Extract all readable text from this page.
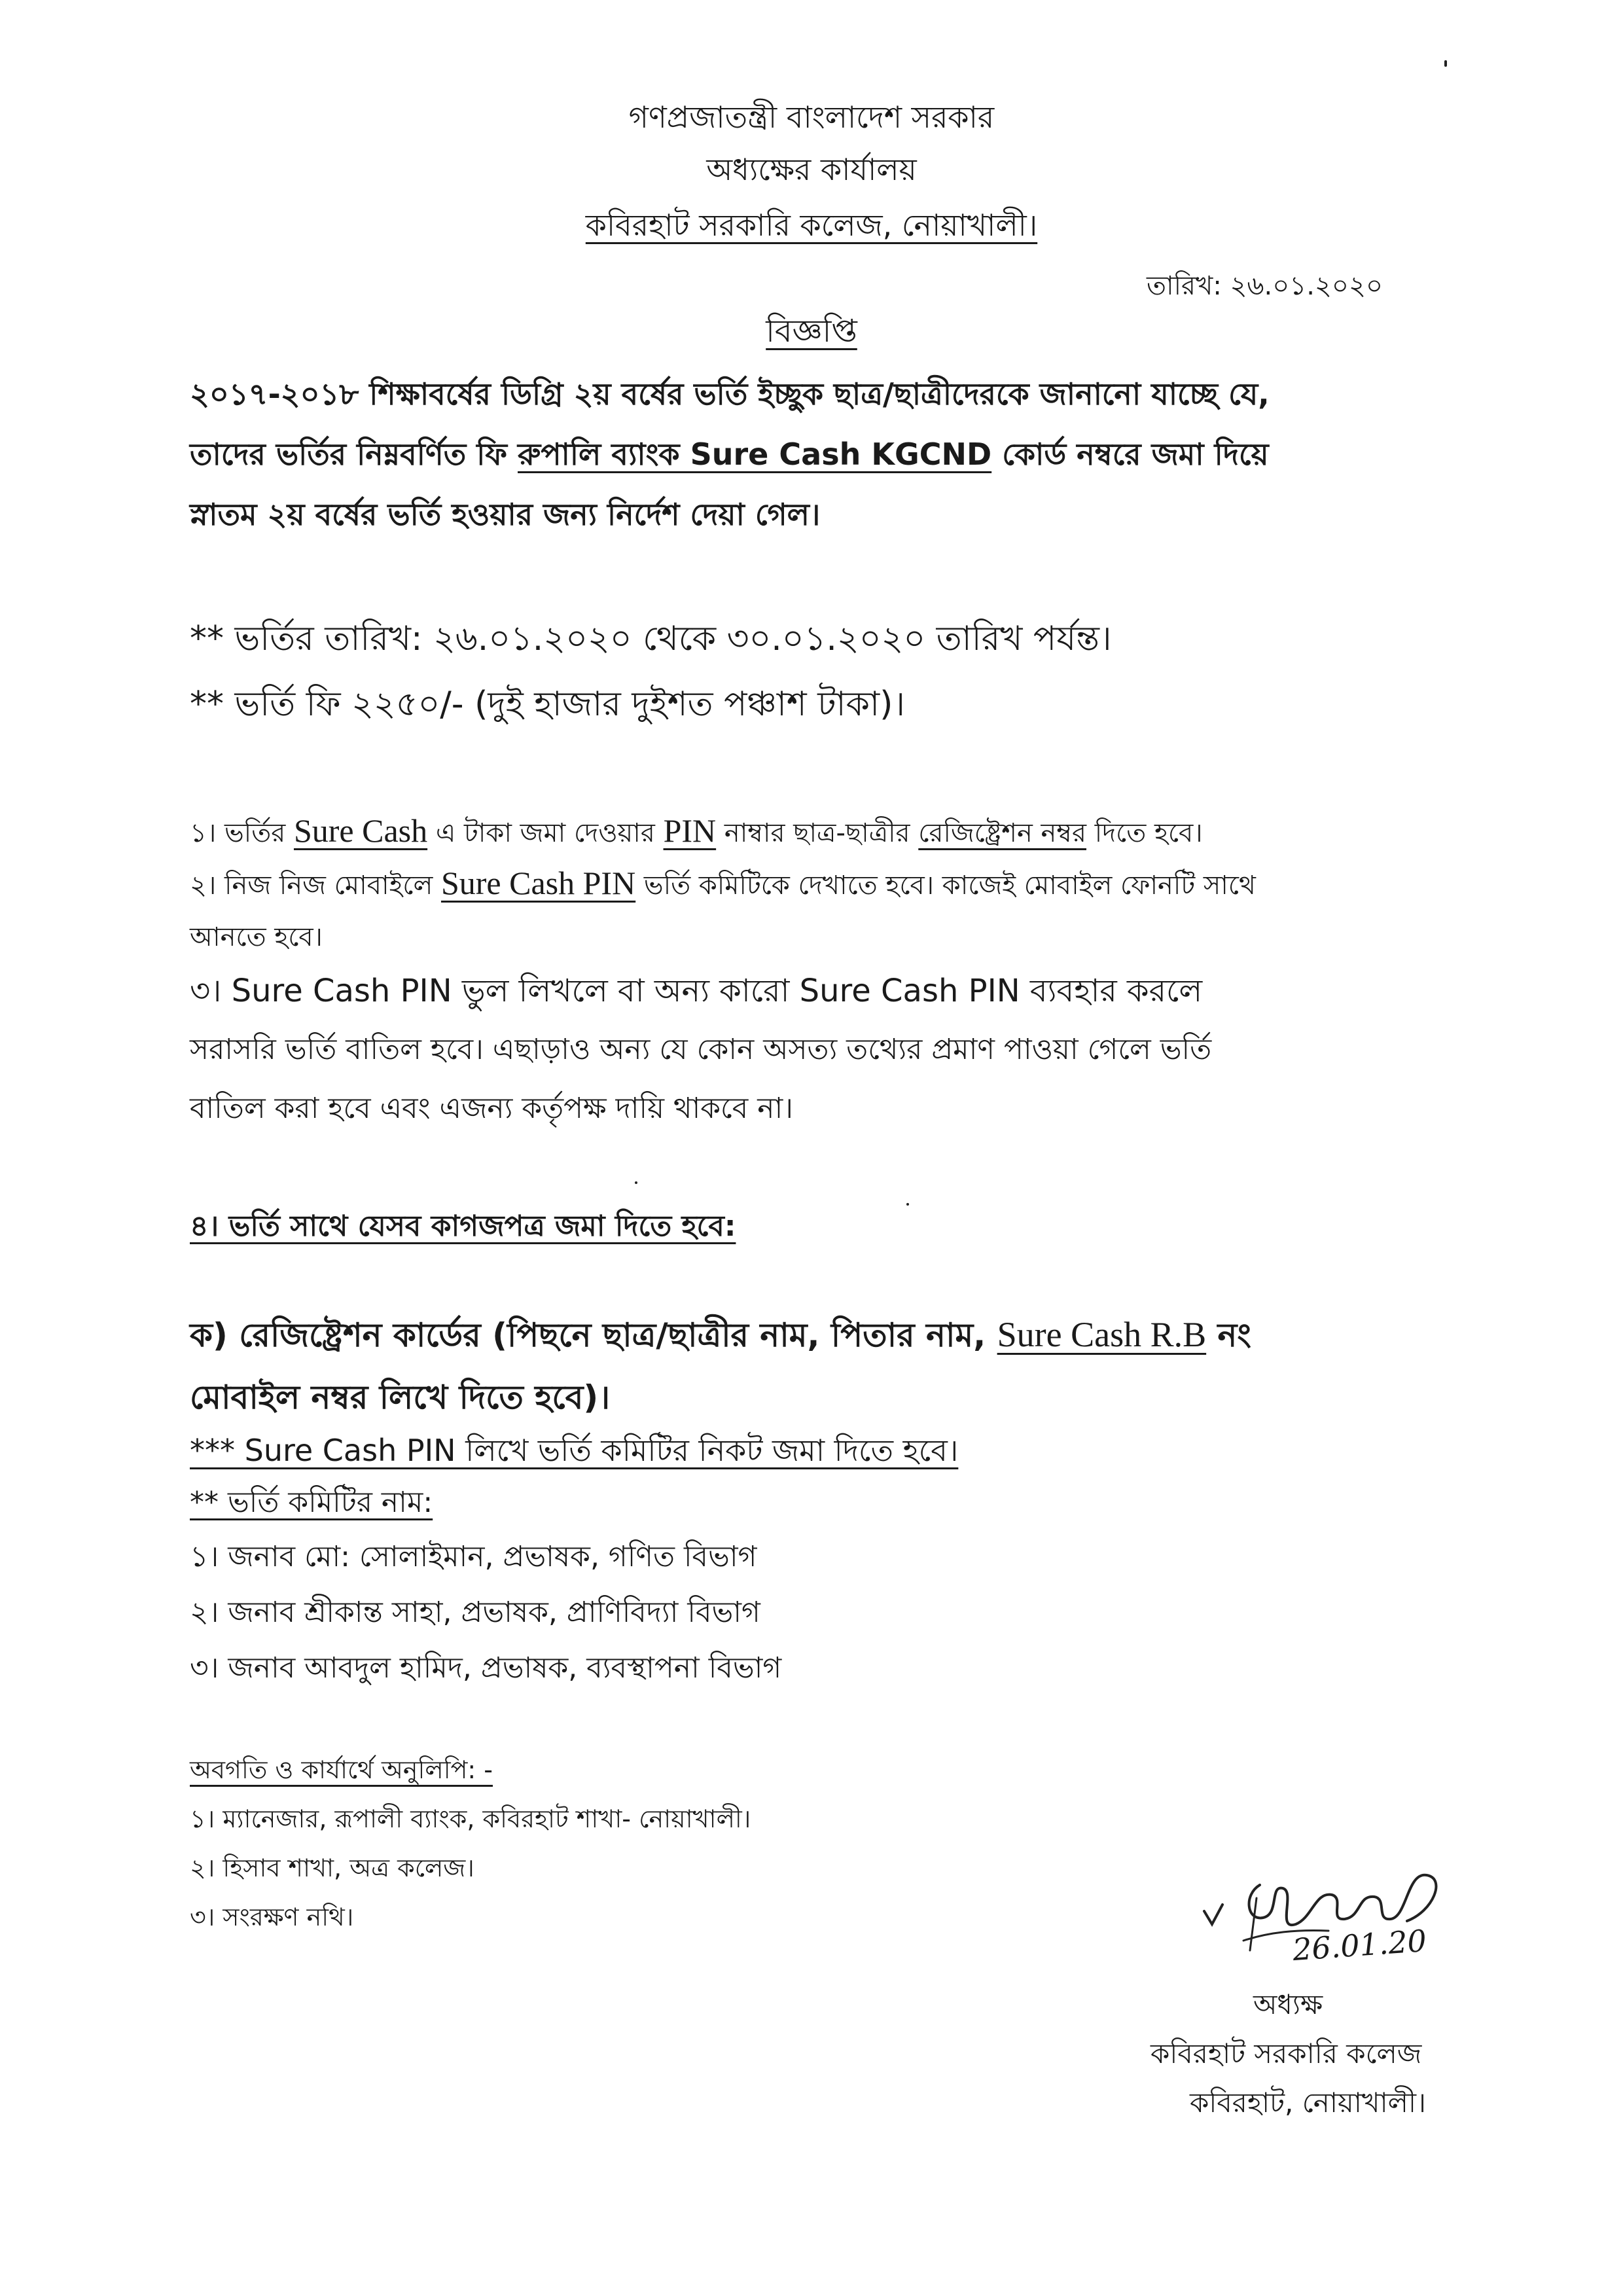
গণপ্রজাতন্ত্রী বাংলাদেশ সরকার
অধ্যক্ষের কার্যালয়
কবিরহাট সরকারি কলেজ, নোয়াখালী।
তারিখ: ২৬.০১.২০২০
বিজ্ঞপ্তি
২০১৭-২০১৮ শিক্ষাবর্ষের ডিগ্রি ২য় বর্ষের ভর্তি ইচ্ছুক ছাত্র/ছাত্রীদেরকে জানানো যাচ্ছে যে,
তাদের ভর্তির নিম্নবর্ণিত ফি রুপালি ব্যাংক Sure Cash KGCND কোর্ড নম্বরে জমা দিয়ে
স্নাতম ২য় বর্ষের ভর্তি হওয়ার জন্য নির্দেশ দেয়া গেল।
** ভর্তির তারিখ: ২৬.০১.২০২০ থেকে ৩০.০১.২০২০ তারিখ পর্যন্ত।
** ভর্তি ফি ২২৫০/- (দুই হাজার দুইশত পঞ্চাশ টাকা)।
১। ভর্তির Sure Cash এ টাকা জমা দেওয়ার PIN নাম্বার ছাত্র-ছাত্রীর রেজিষ্ট্রেশন নম্বর দিতে হবে।
২। নিজ নিজ মোবাইলে Sure Cash PIN ভর্তি কমিটিকে দেখাতে হবে। কাজেই মোবাইল ফোনটি সাথে
আনতে হবে।
৩। Sure Cash PIN ভুল লিখলে বা অন্য কারো Sure Cash PIN ব্যবহার করলে
সরাসরি ভর্তি বাতিল হবে। এছাড়াও অন্য যে কোন অসত্য তথ্যের প্রমাণ পাওয়া গেলে ভর্তি
বাতিল করা হবে এবং এজন্য কর্তৃপক্ষ দায়ি থাকবে না।
৪। ভর্তি সাথে যেসব কাগজপত্র জমা দিতে হবে:
ক) রেজিষ্ট্রেশন কার্ডের (পিছনে ছাত্র/ছাত্রীর নাম, পিতার নাম, Sure Cash R.B নং
মোবাইল নম্বর লিখে দিতে হবে)।
*** Sure Cash PIN লিখে ভর্তি কমিটির নিকট জমা দিতে হবে।
** ভর্তি কমিটির নাম:
১। জনাব মো: সোলাইমান, প্রভাষক, গণিত বিভাগ
২। জনাব শ্রীকান্ত সাহা, প্রভাষক, প্রাণিবিদ্যা বিভাগ
৩। জনাব আবদুল হামিদ, প্রভাষক, ব্যবস্থাপনা বিভাগ
অবগতি ও কার্যার্থে অনুলিপি: -
১। ম্যানেজার, রূপালী ব্যাংক, কবিরহাট শাখা- নোয়াখালী।
২। হিসাব শাখা, অত্র কলেজ।
৩। সংরক্ষণ নথি।
26.01.20
অধ্যক্ষ
কবিরহাট সরকারি কলেজ
কবিরহাট, নোয়াখালী।
